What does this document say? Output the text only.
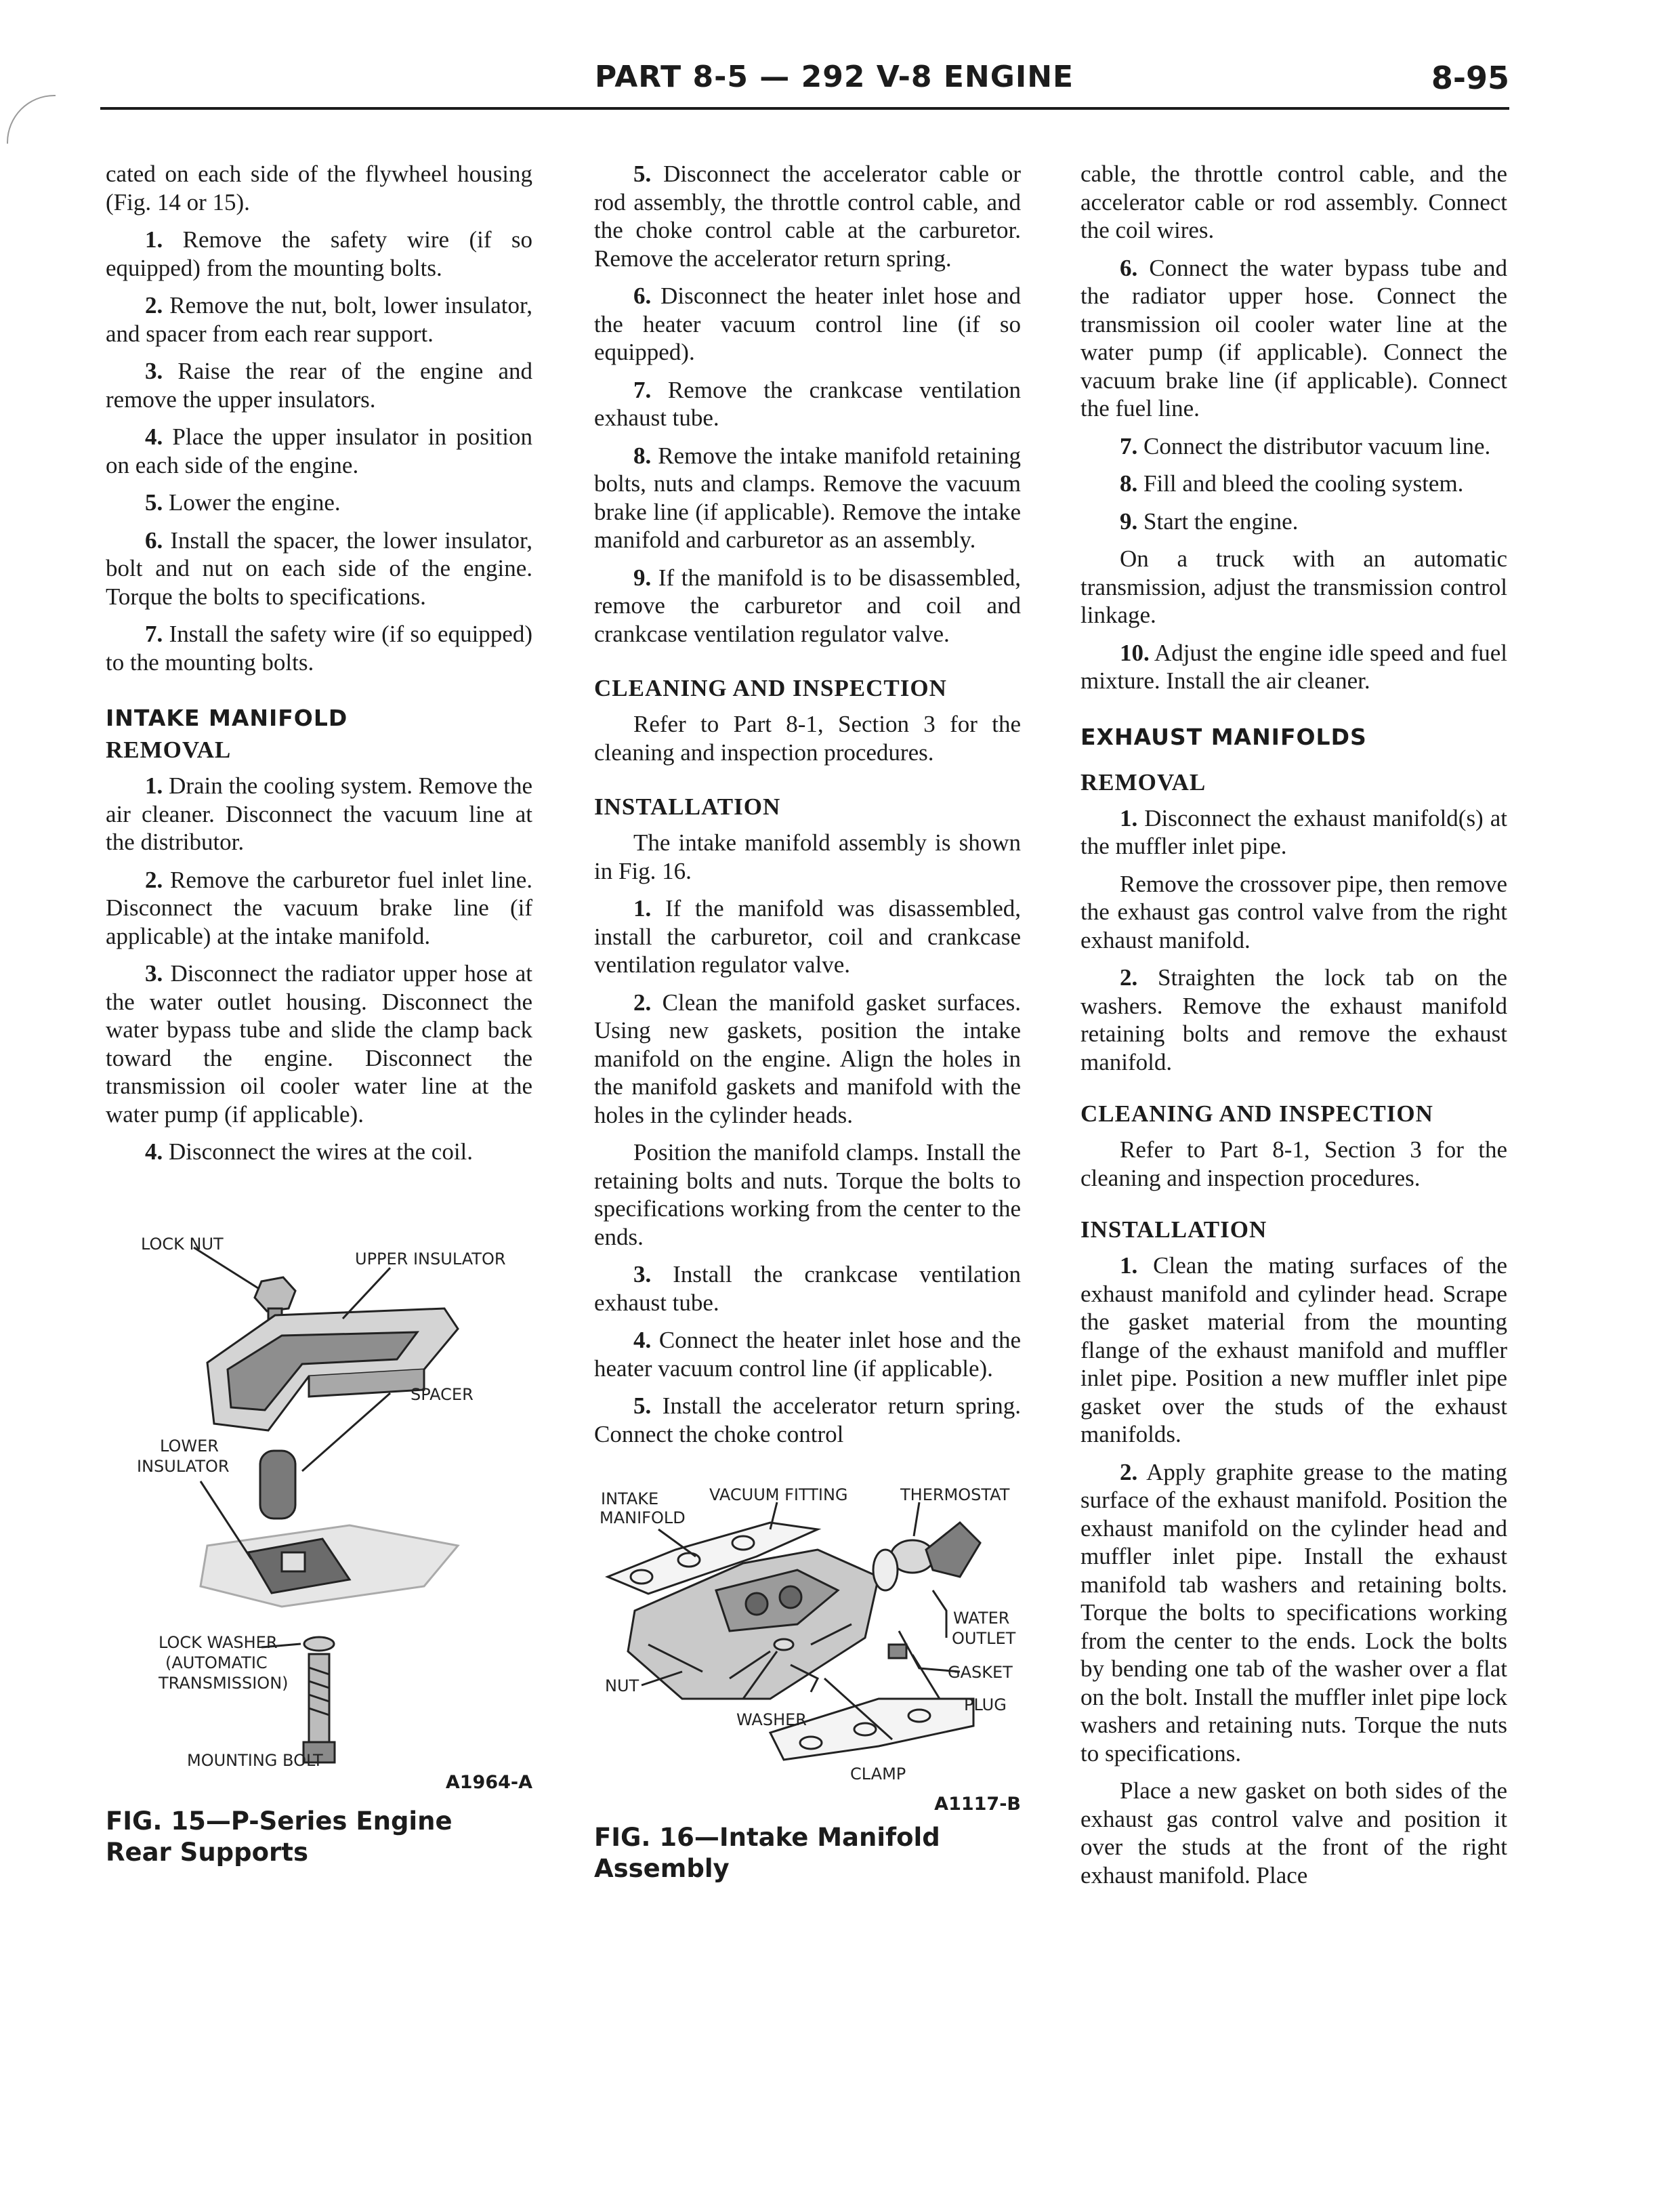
PART 8-5 — 292 V-8 ENGINE	8-95

cated on each side of the flywheel housing (Fig. 14 or 15).

1. Remove the safety wire (if so equipped) from the mounting bolts.

2. Remove the nut, bolt, lower insulator, and spacer from each rear support.

3. Raise the rear of the engine and remove the upper insulators.

4. Place the upper insulator in position on each side of the engine.

5. Lower the engine.

6. Install the spacer, the lower insulator, bolt and nut on each side of the engine. Torque the bolts to specifications.

7. Install the safety wire (if so equipped) to the mounting bolts.

INTAKE MANIFOLD
REMOVAL

1. Drain the cooling system. Remove the air cleaner. Disconnect the vacuum line at the distributor.

2. Remove the carburetor fuel inlet line. Disconnect the vacuum brake line (if applicable) at the intake manifold.

3. Disconnect the radiator upper hose at the water outlet housing. Disconnect the water bypass tube and slide the clamp back toward the engine. Disconnect the transmission oil cooler water line at the water pump (if applicable).

4. Disconnect the wires at the coil.

LOCK NUT
UPPER INSULATOR
SPACER
LOWER
INSULATOR
LOCK WASHER
(AUTOMATIC
TRANSMISSION)
MOUNTING BOLT
A1964-A
FIG. 15—P-Series Engine Rear Supports

5. Disconnect the accelerator cable or rod assembly, the throttle control cable, and the choke control cable at the carburetor. Remove the accelerator return spring.

6. Disconnect the heater inlet hose and the heater vacuum control line (if so equipped).

7. Remove the crankcase ventilation exhaust tube.

8. Remove the intake manifold retaining bolts, nuts and clamps. Remove the vacuum brake line (if applicable). Remove the intake manifold and carburetor as an assembly.

9. If the manifold is to be disassembled, remove the carburetor and coil and crankcase ventilation regulator valve.

CLEANING AND INSPECTION

Refer to Part 8-1, Section 3 for the cleaning and inspection procedures.

INSTALLATION

The intake manifold assembly is shown in Fig. 16.

1. If the manifold was disassembled, install the carburetor, coil and crankcase ventilation regulator valve.

2. Clean the manifold gasket surfaces. Using new gaskets, position the intake manifold on the engine. Align the holes in the manifold gaskets and manifold with the holes in the cylinder heads.

Position the manifold clamps. Install the retaining bolts and nuts. Torque the bolts to specifications working from the center to the ends.

3. Install the crankcase ventilation exhaust tube.

4. Connect the heater inlet hose and the heater vacuum control line (if applicable).

5. Install the accelerator return spring. Connect the choke control

INTAKE
MANIFOLD
VACUUM FITTING	THERMOSTAT
WATER
OUTLET
GASKET
PLUG
NUT
WASHER
CLAMP
A1117-B
FIG. 16—Intake Manifold Assembly

cable, the throttle control cable, and the accelerator cable or rod assembly. Connect the coil wires.

6. Connect the water bypass tube and the radiator upper hose. Connect the transmission oil cooler water line at the water pump (if applicable). Connect the vacuum brake line (if applicable). Connect the fuel line.

7. Connect the distributor vacuum line.

8. Fill and bleed the cooling system.

9. Start the engine.

On a truck with an automatic transmission, adjust the transmission control linkage.

10. Adjust the engine idle speed and fuel mixture. Install the air cleaner.

EXHAUST MANIFOLDS
REMOVAL

1. Disconnect the exhaust manifold(s) at the muffler inlet pipe.

Remove the crossover pipe, then remove the exhaust gas control valve from the right exhaust manifold.

2. Straighten the lock tab on the washers. Remove the exhaust manifold retaining bolts and remove the exhaust manifold.

CLEANING AND INSPECTION

Refer to Part 8-1, Section 3 for the cleaning and inspection procedures.

INSTALLATION

1. Clean the mating surfaces of the exhaust manifold and cylinder head. Scrape the gasket material from the mounting flange of the exhaust manifold and muffler inlet pipe. Position a new muffler inlet pipe gasket over the studs of the exhaust manifolds.

2. Apply graphite grease to the mating surface of the exhaust manifold. Position the exhaust manifold on the cylinder head and muffler inlet pipe. Install the exhaust manifold tab washers and retaining bolts. Torque the bolts to specifications working from the center to the ends. Lock the bolts by bending one tab of the washer over a flat on the bolt. Install the muffler inlet pipe lock washers and retaining nuts. Torque the nuts to specifications.

Place a new gasket on both sides of the exhaust gas control valve and position it over the studs at the front of the right exhaust manifold. Place
